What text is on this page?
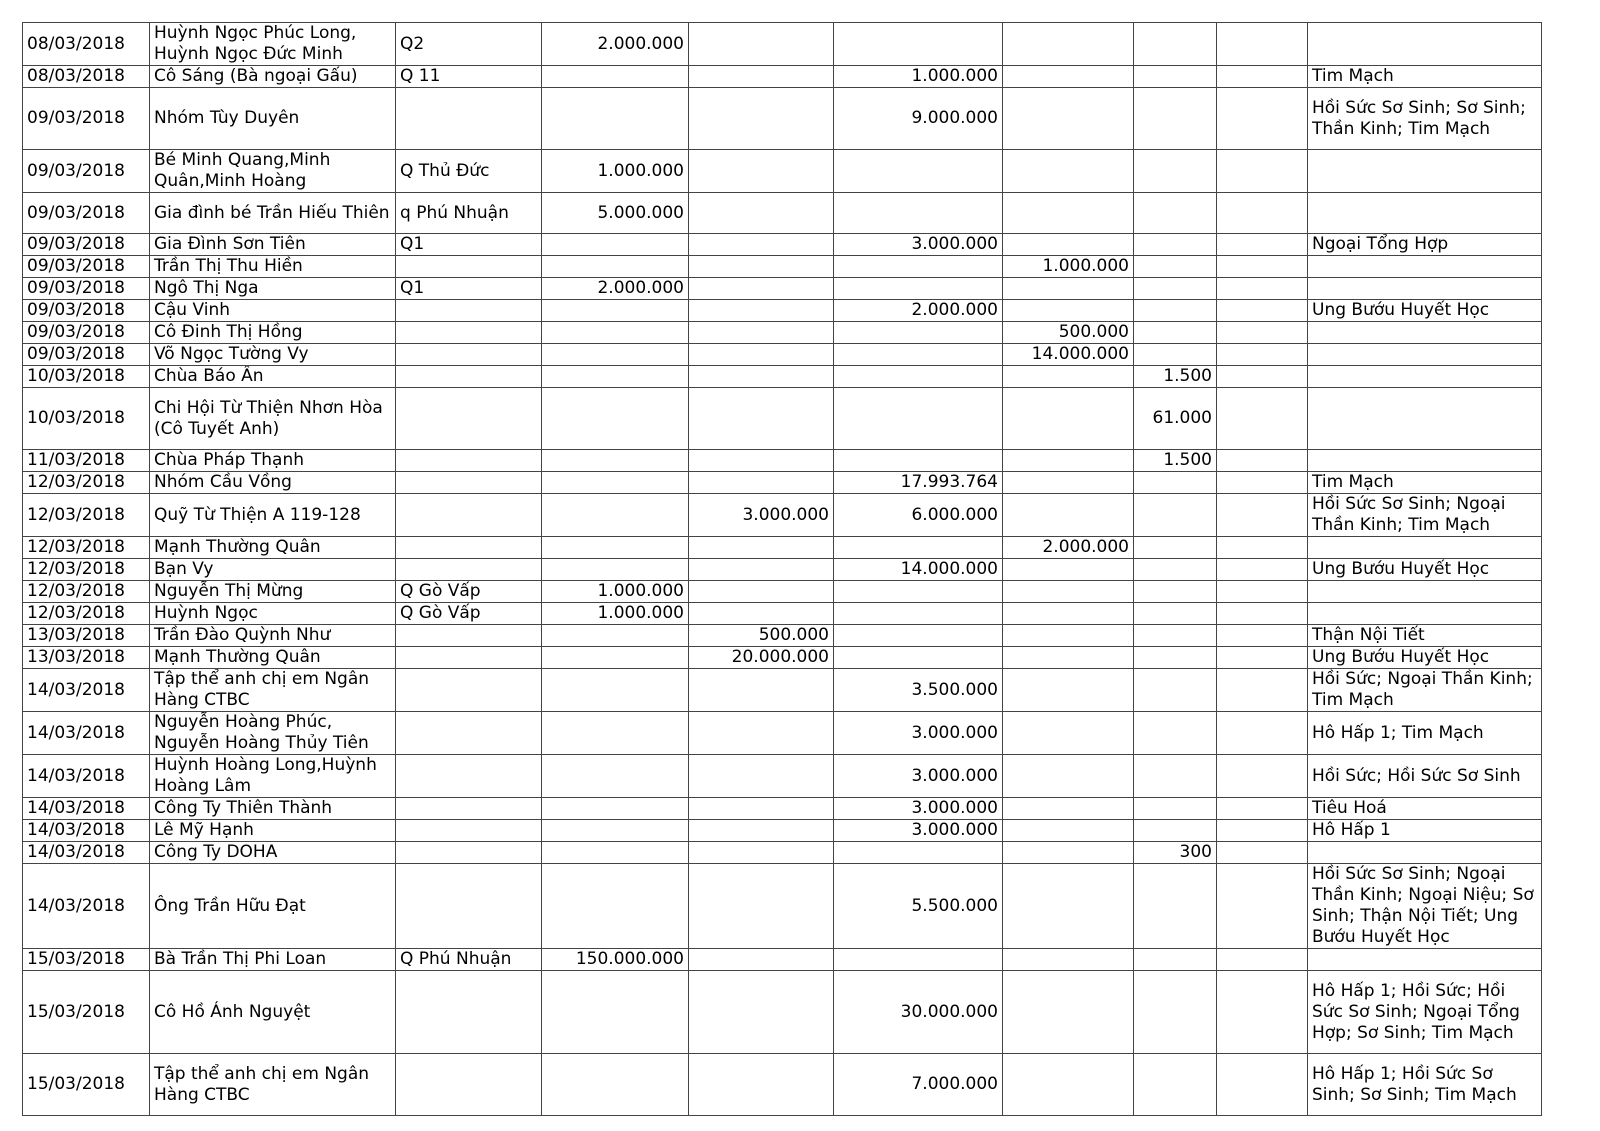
08/03/2018	Huỳnh Ngọc Phúc Long, Huỳnh Ngọc Đức Minh	Q2	2.000.000						
08/03/2018	Cô Sáng (Bà ngoại Gấu)	Q 11			1.000.000				Tim Mạch
09/03/2018	Nhóm Tùy Duyên				9.000.000				Hồi Sức Sơ Sinh; Sơ Sinh; Thần Kinh; Tim Mạch
09/03/2018	Bé Minh Quang,Minh Quân,Minh Hoàng	Q Thủ Đức	1.000.000						
09/03/2018	Gia đình bé Trần Hiếu Thiên	q Phú Nhuận	5.000.000						
09/03/2018	Gia Đình Sơn Tiên	Q1			3.000.000				Ngoại Tổng Hợp
09/03/2018	Trần Thị Thu Hiền					1.000.000			
09/03/2018	Ngô Thị Nga	Q1	2.000.000						
09/03/2018	Cậu Vinh				2.000.000				Ung Bướu Huyết Học
09/03/2018	Cô Đinh Thị Hồng					500.000			
09/03/2018	Võ Ngọc Tường Vy					14.000.000			
10/03/2018	Chùa Báo Ân						1.500		
10/03/2018	Chi Hội Từ Thiện Nhơn Hòa (Cô Tuyết Anh)						61.000		
11/03/2018	Chùa Pháp Thạnh						1.500		
12/03/2018	Nhóm Cầu Vồng				17.993.764				Tim Mạch
12/03/2018	Quỹ Từ Thiện A 119-128			3.000.000	6.000.000				Hồi Sức Sơ Sinh; Ngoại Thần Kinh; Tim Mạch
12/03/2018	Mạnh Thường Quân					2.000.000			
12/03/2018	Bạn Vy				14.000.000				Ung Bướu Huyết Học
12/03/2018	Nguyễn Thị Mừng	Q Gò Vấp	1.000.000						
12/03/2018	Huỳnh Ngọc	Q Gò Vấp	1.000.000						
13/03/2018	Trần Đào Quỳnh Như			500.000					Thận Nội Tiết
13/03/2018	Mạnh Thường Quân			20.000.000					Ung Bướu Huyết Học
14/03/2018	Tập thể anh chị em Ngân Hàng CTBC				3.500.000				Hồi Sức; Ngoại Thần Kinh; Tim Mạch
14/03/2018	Nguyễn Hoàng Phúc, Nguyễn Hoàng Thủy Tiên				3.000.000				Hô Hấp 1; Tim Mạch
14/03/2018	Huỳnh Hoàng Long,Huỳnh Hoàng Lâm				3.000.000				Hồi Sức; Hồi Sức Sơ Sinh
14/03/2018	Công Ty Thiên Thành				3.000.000				Tiêu Hoá
14/03/2018	Lê Mỹ Hạnh				3.000.000				Hô Hấp 1
14/03/2018	Công Ty DOHA						300		
14/03/2018	Ông Trần Hữu Đạt				5.500.000				Hồi Sức Sơ Sinh; Ngoại Thần Kinh; Ngoại Niệu; Sơ Sinh; Thận Nội Tiết; Ung Bướu Huyết Học
15/03/2018	Bà Trần Thị Phi Loan	Q Phú Nhuận	150.000.000						
15/03/2018	Cô Hồ Ánh Nguyệt				30.000.000				Hô Hấp 1; Hồi Sức; Hồi Sức Sơ Sinh; Ngoại Tổng Hợp; Sơ Sinh; Tim Mạch
15/03/2018	Tập thể anh chị em Ngân Hàng CTBC				7.000.000				Hô Hấp 1; Hồi Sức Sơ Sinh; Sơ Sinh; Tim Mạch
